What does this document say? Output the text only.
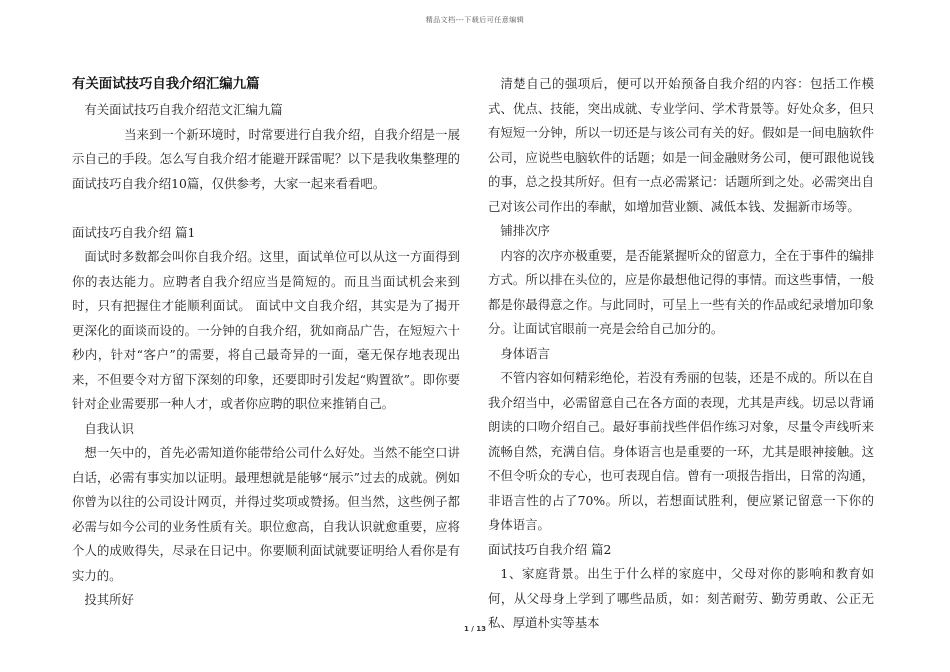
精品文档---下载后可任意编辑
有关面试技巧自我介绍汇编九篇

有关面试技巧自我介绍范文汇编九篇

当来到一个新环境时，时常要进行自我介绍，自我介绍是一展示自己的手段。怎么写自我介绍才能避开踩雷呢？以下是我收集整理的面试技巧自我介绍10篇，仅供参考，大家一起来看看吧。

面试技巧自我介绍 篇1

面试时多数都会叫你自我介绍。这里，面试单位可以从这一方面得到你的表达能力。应聘者自我介绍应当是简短的。而且当面试机会来到时，只有把握住才能顺利面试。 面试中文自我介绍，其实是为了揭开更深化的面谈而设的。一分钟的自我介绍，犹如商品广告，在短短六十秒内，针对“客户”的需要，将自己最奇异的一面，毫无保存地表现出来，不但要令对方留下深刻的印象，还要即时引发起“购置欲”。即你要针对企业需要那一种人才，或者你应聘的职位来推销自己。

自我认识

想一矢中的，首先必需知道你能带给公司什么好处。当然不能空口讲白话，必需有事实加以证明。最理想就是能够“展示”过去的成就。例如你曾为以往的公司设计网页，并得过奖项或赞扬。但当然，这些例子都必需与如今公司的业务性质有关。职位愈高，自我认识就愈重要，应将个人的成败得失，尽录在日记中。你要顺利面试就要证明给人看你是有实力的。

投其所好

清楚自己的强项后，便可以开始预备自我介绍的内容：包括工作模式、优点、技能，突出成就、专业学问、学术背景等。好处众多，但只有短短一分钟，所以一切还是与该公司有关的好。假如是一间电脑软件公司，应说些电脑软件的话题；如是一间金融财务公司，便可跟他说钱的事，总之投其所好。但有一点必需紧记：话题所到之处。必需突出自己对该公司作出的奉献，如增加营业额、减低本钱、发掘新市场等。

铺排次序

内容的次序亦极重要，是否能紧握听众的留意力，全在于事件的编排方式。所以排在头位的，应是你最想他记得的事情。而这些事情，一般都是你最得意之作。与此同时，可呈上一些有关的作品或纪录增加印象分。让面试官眼前一亮是会给自己加分的。

身体语言

不管内容如何精彩绝伦，若没有秀丽的包装，还是不成的。所以在自我介绍当中，必需留意自己在各方面的表现，尤其是声线。切忌以背诵朗读的口吻介绍自己。最好事前找些伴侣作练习对象，尽量令声线听来流畅自然，充满自信。身体语言也是重要的一环，尤其是眼神接触。这不但令听众的专心，也可表现自信。曾有一项报告指出，日常的沟通，非语言性的占了70%。所以，若想面试胜利，便应紧记留意一下你的身体语言。

面试技巧自我介绍 篇2

1、家庭背景。出生于什么样的家庭中，父母对你的影响和教育如何，从父母身上学到了哪些品质，如：刻苦耐劳、勤劳勇敢、公正无私、厚道朴实等基本

1 / 13
